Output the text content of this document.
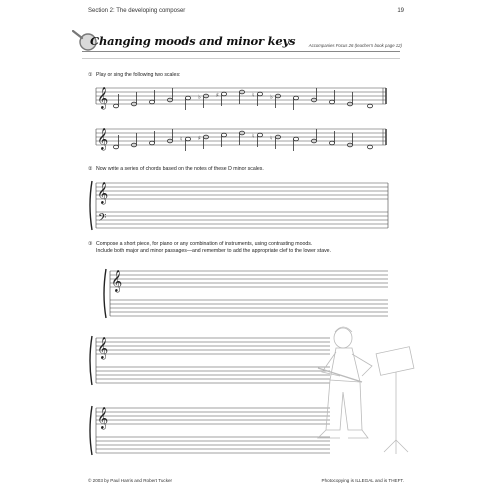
Section 2: The developing composer	19
Changing moods and minor keys	Accompanies Focus 26 (teacher's book page 12)
① Play or sing the following two scales:
𝄞	♭	♯	♮	♭
𝄞	♮	♯	♮	♮
② Now write a series of chords based on the notes of these D minor scales.
𝄞
𝄢
𝄞
𝄞
𝄞
③ Compose a short piece, for piano or any combination of instruments, using contrasting moods.
Include both major and minor passages—and remember to add the appropriate clef to the lower stave.
© 2003 by Paul Harris and Robert Tucker	Photocopying is ILLEGAL and is THEFT.
